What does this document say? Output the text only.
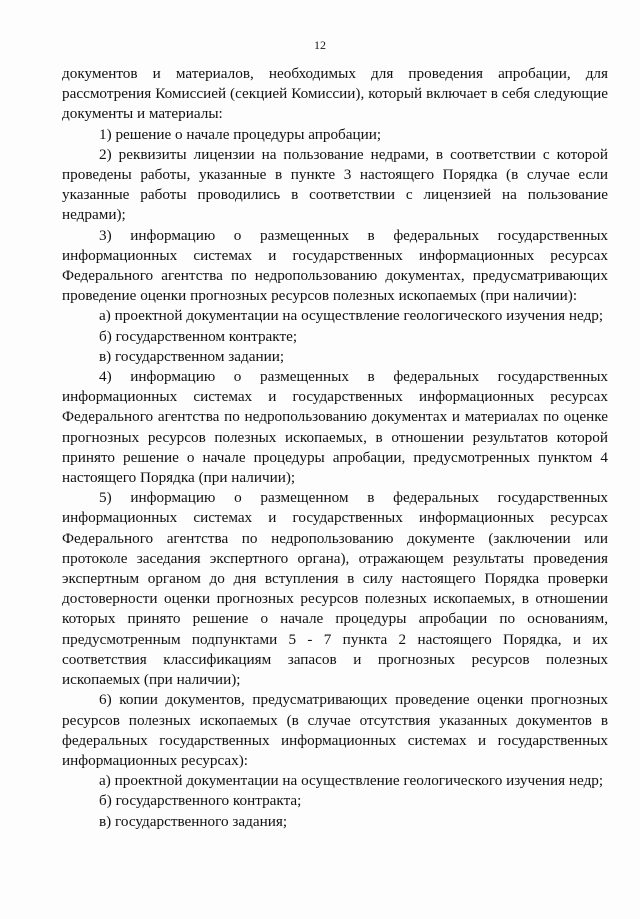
12

документов и материалов, необходимых для проведения апробации, для рассмотрения Комиссией (секцией Комиссии), который включает в себя следующие документы и материалы:

1) решение о начале процедуры апробации;

2) реквизиты лицензии на пользование недрами, в соответствии с которой проведены работы, указанные в пункте 3 настоящего Порядка (в случае если указанные работы проводились в соответствии с лицензией на пользование недрами);

3) информацию о размещенных в федеральных государственных информационных системах и государственных информационных ресурсах Федерального агентства по недропользованию документах, предусматривающих проведение оценки прогнозных ресурсов полезных ископаемых (при наличии):

а) проектной документации на осуществление геологического изучения недр;

б) государственном контракте;

в) государственном задании;

4) информацию о размещенных в федеральных государственных информационных системах и государственных информационных ресурсах Федерального агентства по недропользованию документах и материалах по оценке прогнозных ресурсов полезных ископаемых, в отношении результатов которой принято решение о начале процедуры апробации, предусмотренных пунктом 4 настоящего Порядка (при наличии);

5) информацию о размещенном в федеральных государственных информационных системах и государственных информационных ресурсах Федерального агентства по недропользованию документе (заключении или протоколе заседания экспертного органа), отражающем результаты проведения экспертным органом до дня вступления в силу настоящего Порядка проверки достоверности оценки прогнозных ресурсов полезных ископаемых, в отношении которых принято решение о начале процедуры апробации по основаниям, предусмотренным подпунктами 5 - 7 пункта 2 настоящего Порядка, и их соответствия классификациям запасов и прогнозных ресурсов полезных ископаемых (при наличии);

6) копии документов, предусматривающих проведение оценки прогнозных ресурсов полезных ископаемых (в случае отсутствия указанных документов в федеральных государственных информационных системах и государственных информационных ресурсах):

а) проектной документации на осуществление геологического изучения недр;

б) государственного контракта;

в) государственного задания;
